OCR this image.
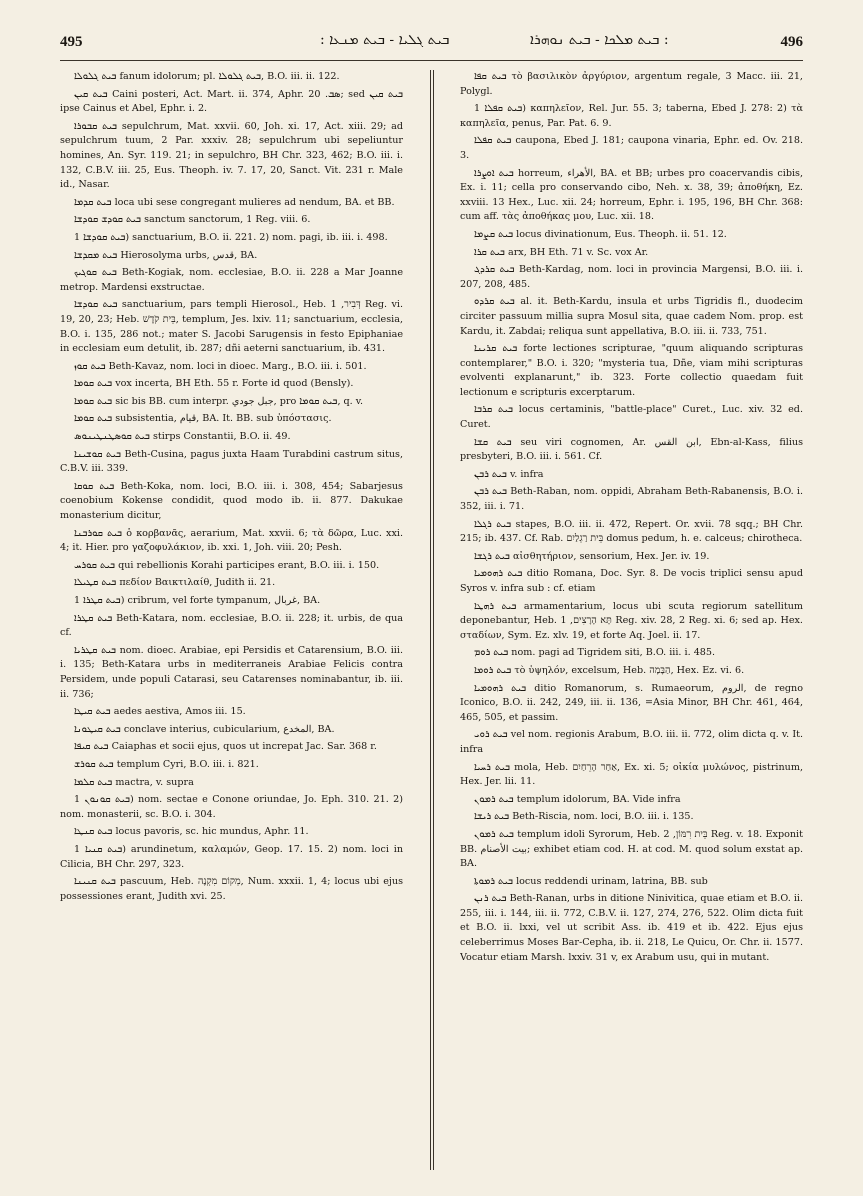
495	: ܒܝܬ ܓܠܝܐ - ܒܝܬ ܡܢܥܐ	ܒܝܬ ܡܠܟܐ - ܒܝܬ ܢܘܗܪܐ :	496

ܒܝܬ ܓܠܘܠܐ fanum idolorum; pl. ܒܝܬ ܓܠܘܠܐ, B.O. iii. ii. 122.

ܒܝܬ ܩܝܢ Caini posteri, Act. Mart. ii. 374, Aphr. ܣܒ. 20; sed ܒܝܬ ܩܝܢ ipse Cainus et Abel, Ephr. i. 2.

ܒܝܬ ܩܒܘܪܐ sepulchrum, Mat. xxvii. 60, Joh. xi. 17, Act. xiii. 29; ad sepulchrum tuum, 2 Par. xxxiv. 28; sepulchrum ubi sepeliuntur homines, An. Syr. 119. 21; in sepulchro, BH Chr. 323, 462; B.O. iii. i. 132, C.B.V. iii. 25, Eus. Theoph. iv. 7. 17, 20, Sanct. Vit. 231 r. Male id., Nasar.

ܒܝܬ ܩܕܡܐ loca ubi sese congregant mulieres ad nendum, BA. et BB.

ܒܝܬ ܩܘܕܫ ܩܘܕܫܐ sanctum sanctorum, 1 Reg. viii. 6.

ܒܝܬ ܩܘܕܫܐ 1) sanctuarium, B.O. ii. 221. 2) nom. pagi, ib. iii. i. 498.

ܒܝܬ ܡܩܕܫܐ Hierosolyma urbs, قدس, BA.

ܒܝܬ ܩܘܓܝܟ Beth-Kogiak, nom. ecclesiae, B.O. ii. 228 a Mar Joanne metrop. Mardensi exstructae.

ܒܝܬ ܩܘܕܫܐ sanctuarium, pars templi Hierosol., Heb. דְּבִיר, 1 Reg. vi. 19, 20, 23; Heb. בֵּית קֹדֶשׁ, templum, Jes. lxiv. 11; sanctuarium, ecclesia, B.O. i. 135, 286 not.; mater S. Jacobi Sarugensis in festo Epiphaniae in ecclesiam eum detulit, ib. 287; dñi aeterni sanctuarium, ib. 431.

ܒܝܬ ܩܘܙ Beth-Kavaz, nom. loci in dioec. Marg., B.O. iii. i. 501.

ܒܝܬ ܩܘܡܐ vox incerta, BH Eth. 55 r. Forte id quod (Bensly).

ܒܝܬ ܩܘܡܐ sic bis BB. cum interpr. جبل جودي, pro ܒܝܬ ܩܘܡܐ, q. v.

ܒܝܬ ܩܘܡܐ subsistentia, قيام, BA. It. BB. sub ὑπόστασις.

ܒܝܬ ܩܘܣܛܢܛܝܢܘܣ stirps Constantii, B.O. ii. 49.

ܒܝܬ ܩܘܫܝܢܐ Beth-Cusina, pagus juxta Haam Turabdini castrum situs, C.B.V. iii. 339.

ܒܝܬ ܩܘܩܐ Beth-Koka, nom. loci, B.O. iii. i. 308, 454; Sabarjesus coenobium Kokense condidit, quod modo ib. ii. 877. Dakukae monasterium dicitur,

ܒܝܬ ܩܘܪܒܢܐ ὁ κορβανᾶς, aerarium, Mat. xxvii. 6; τὰ δῶρα, Luc. xxi. 4; it. Hier. pro γαζοφυλάκιον, ib. xxi. 1, Joh. viii. 20; Pesh.

ܒܝܬ ܩܘܪܚ qui rebellionis Korahi participes erant, B.O. iii. i. 150.

ܒܝܬ ܩܛܝܠܐ πεδίον Βαικτιλαίθ, Judith ii. 21.

ܒܝܬ ܩܛܪܐ 1) cribrum, vel forte tympanum, غربال, BA.

ܒܝܬ ܩܛܪܐ Beth-Katara, nom. ecclesiae, B.O. ii. 228; it. urbis, de qua cf.

ܒܝܬ ܩܛܪܝܐ nom. dioec. Arabiae, epi Persidis et Catarensium, B.O. iii. i. 135; Beth-Katara urbs in mediterraneis Arabiae Felicis contra Persidem, unde populi Catarasi, seu Catarenses nominabantur, ib. iii. ii. 736;

ܒܝܬ ܩܝܛܐ aedes aestiva, Amos iii. 15.

ܒܝܬ ܩܝܛܘܢܐ conclave interius, cubicularium, المخدع, BA.

ܒܝܬ ܩܝܦܐ Caiaphas et socii ejus, quos ut increpat Jac. Sar. 368 r.

ܒܝܬ ܩܘܪܫ templum Cyri, B.O. iii. i. 821.

ܒܝܬ ܩܠܡܐ mactra, v. supra

ܒܝܬ ܩܘܢܘܢ 1) nom. sectae e Conone oriundae, Jo. Eph. 310. 21. 2) nom. monasterii, sc. B.O. i. 304.

ܒܝܬ ܩܢܛܐ locus pavoris, sc. hic mundus, Aphr. 11.

ܒܝܬ ܩܢܝܐ 1) arundinetum, καλαμών, Geop. 17. 15. 2) nom. loci in Cilicia, BH Chr. 297, 323.

ܒܝܬ ܩܢܝܢܐ pascuum, Heb. מְקוֹם מִקְנֶה, Num. xxxii. 1, 4; locus ubi ejus possessiones erant, Judith xvi. 25.

ܒܝܬ ܩܦܐ τὸ βασιλικὸν ἀργύριον, argentum regale, 3 Macc. iii. 21, Polygl.

ܒܝܬ ܩܦܠܐ 1) καπηλεῖον, Rel. Jur. 55. 3; taberna, Ebed J. 278: 2) τὰ καπηλεῖα, penus, Par. Pat. 6. 9.

ܒܝܬ ܩܦܠܐ caupona, Ebed J. 181; caupona vinaria, Ephr. ed. Ov. 218. 3.

ܒܝܬ ܐܘܨܪܐ horreum, الأهراء, BA. et BB; urbes pro coacervandis cibis, Ex. i. 11; cella pro conservando cibo, Neh. x. 38, 39; ἀποθήκη, Ez. xxviii. 13 Hex., Luc. xii. 24; horreum, Ephr. i. 195, 196, BH Chr. 368: cum aff. τὰς ἀποθήκας μου, Luc. xii. 18.

ܒܝܬ ܩܨܡܐ locus divinationum, Eus. Theoph. ii. 51. 12.

ܒܝܬ ܩܪܐ arx, BH Eth. 71 v. Sc. vox Ar.

ܒܝܬ ܩܪܕܓ Beth-Kardag, nom. loci in provincia Margensi, B.O. iii. i. 207, 208, 485.

ܒܝܬ ܩܪܕܘ al. it. Beth-Kardu, insula et urbs Tigridis fl., duodecim circiter passuum millia supra Mosul sita, quae cadem Nom. prop. est Kardu, it. Zabdai; reliqua sunt appellativa, B.O. iii. ii. 733, 751.

ܒܝܬ ܩܪܝܢܐ forte lectiones scripturae, "quum aliquando scripturas contemplarer," B.O. i. 320; "mysteria tua, Dñe, viam mihi scripturas evolventi explanarunt," ib. 323. Forte collectio quaedam fuit lectionum e scripturis excerptarum.

ܒܝܬ ܩܪܒܐ locus certaminis, "battle-place" Curet., Luc. xiv. 32 ed. Curet.

ܒܝܬ ܩܫܐ seu viri cognomen, Ar. ابن القس, Ebn-al-Kass, filius presbyteri, B.O. iii. i. 561. Cf.

ܒܝܬ ܪܒܢ v. infra

ܒܝܬ ܪܒܢ Beth-Raban, nom. oppidi, Abraham Beth-Rabanensis, B.O. i. 352, iii. i. 71.

ܒܝܬ ܪܓܠܐ stapes, B.O. iii. ii. 472, Repert. Or. xvii. 78 sqq.; BH Chr. 215; ib. 437. Cf. Rab. בֵּית רַגְלַיִם domus pedum, h. e. calceus; chirotheca.

ܒܝܬ ܪܓܫܐ αἰσθητήριον, sensorium, Hex. Jer. iv. 19.

ܒܝܬ ܪܗܘܡܝܐ ditio Romana, Doc. Syr. 8. De vocis triplici sensu apud Syros v. infra sub : cf. etiam

ܒܝܬ ܪܗܛܐ armamentarium, locus ubi scuta regiorum satellitum deponebantur, Heb. תָּא הָרָצִים, 1 Reg. xiv. 28, 2 Reg. xi. 6; sed ap. Hex. σταδίων, Sym. Ez. xlv. 19, et forte Aq. Joel. ii. 17.

ܒܝܬ ܪܘܡ nom. pagi ad Tigridem siti, B.O. iii. i. 485.

ܒܝܬ ܪܘܡܐ τὸ ὑψηλόν, excelsum, Heb. הַבָּמָה, Hex. Ez. vi. 6.

ܒܝܬ ܪܗܘܡܝܐ ditio Romanorum, s. Rumaeorum, الروم, de regno Iconico, B.O. ii. 242, 249, iii. ii. 136, =Asia Minor, BH Chr. 461, 464, 465, 505, et passim.

ܒܝܬ ܪܘܝ vel nom. regionis Arabum, B.O. iii. ii. 772, olim dicta q. v. It. infra

ܒܝܬ ܪܚܝܐ mola, Heb. אַחַר הָרֵחַיִם, Ex. xi. 5; οἰκία μυλώνος, pistrinum, Hex. Jer. lii. 11.

ܒܝܬ ܪܡܘܢ templum idolorum, BA. Vide infra

ܒܝܬ ܪܝܫܐ Beth-Riscia, nom. loci, B.O. iii. i. 135.

ܒܝܬ ܪܡܘܢ templum idoli Syrorum, Heb. בֵּית רִמּוֹן, 2 Reg. v. 18. Exponit BB. بيت الأصنام; exhibet etiam cod. H. at cod. M. quod solum exstat ap. BA.

ܒܝܬ ܪܡܘܬܐ locus reddendi urinam, latrina, BB. sub

ܒܝܬ ܪܢܢ Beth-Ranan, urbs in ditione Ninivitica, quae etiam et B.O. ii. 255, iii. i. 144, iii. ii. 772, C.B.V. ii. 127, 274, 276, 522. Olim dicta fuit et B.O. ii. lxxi, vel ut scribit Ass. ib. 419 et ib. 422. Ejus ejus celeberrimus Moses Bar-Cepha, ib. ii. 218, Le Quicu, Or. Chr. ii. 1577. Vocatur etiam Marsh. lxxiv. 31 v, ex Arabum usu, qui in mutant.
